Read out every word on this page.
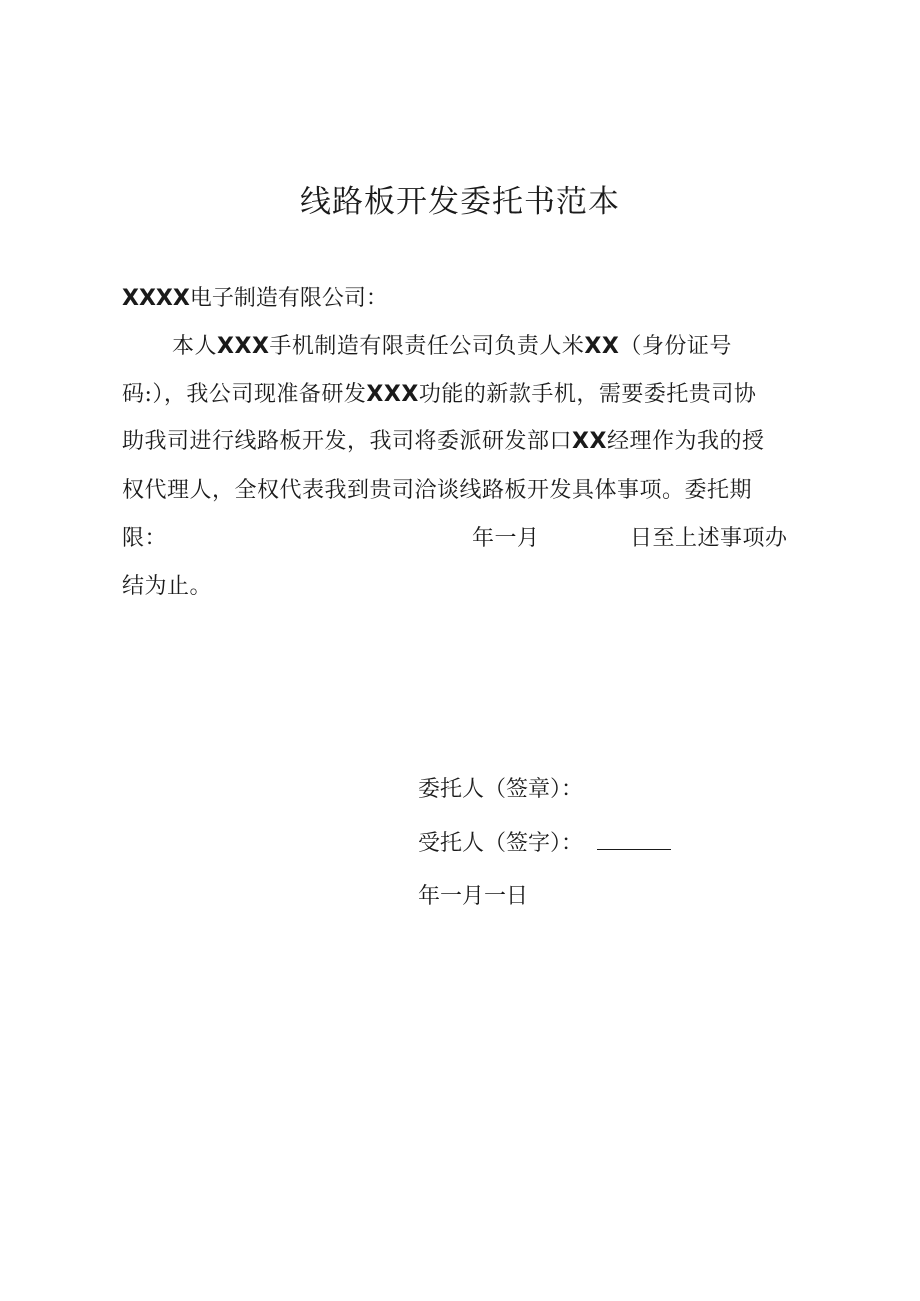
线路板开发委托书范本
XXXX电子制造有限公司：
本人XXX手机制造有限责任公司负责人米XX（身份证号
码:），我公司现准备研发XXX功能的新款手机，需要委托贵司协
助我司进行线路板开发，我司将委派研发部口XX经理作为我的授
权代理人，全权代表我到贵司洽谈线路板开发具体事项。委托期
限：	年一月	日至上述事项办
结为止。
委托人（签章）：
受托人（签字）：
年一月一日
